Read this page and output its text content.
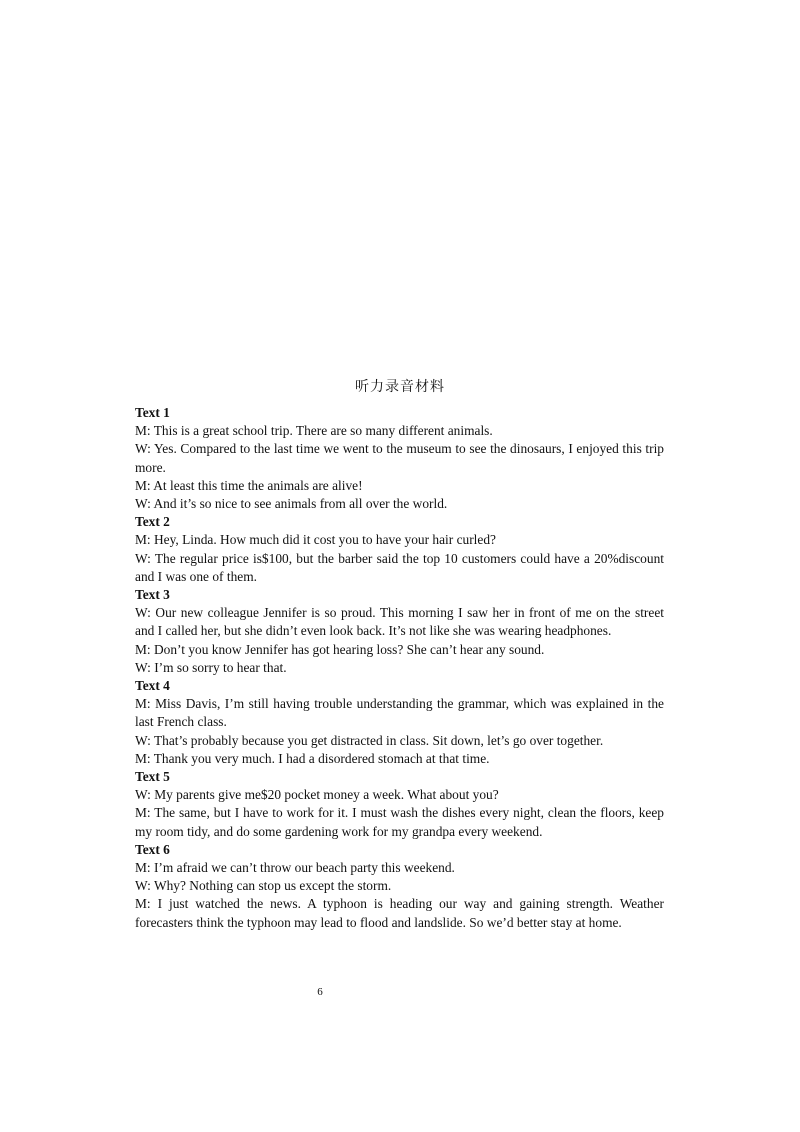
听力录音材料

Text 1

M: This is a great school trip. There are so many different animals.

W: Yes. Compared to the last time we went to the museum to see the dinosaurs, I enjoyed this trip more.

M: At least this time the animals are alive!

W: And it’s so nice to see animals from all over the world.

Text 2

M: Hey, Linda. How much did it cost you to have your hair curled?

W: The regular price is$100, but the barber said the top 10 customers could have a 20%discount and I was one of them.

Text 3

W: Our new colleague Jennifer is so proud. This morning I saw her in front of me on the street and I called her, but she didn’t even look back. It’s not like she was wearing headphones.

M: Don’t you know Jennifer has got hearing loss? She can’t hear any sound.

W: I’m so sorry to hear that.

Text 4

M: Miss Davis, I’m still having trouble understanding the grammar, which was explained in the last French class.

W: That’s probably because you get distracted in class. Sit down, let’s go over together.

M: Thank you very much. I had a disordered stomach at that time.

Text 5

W: My parents give me$20 pocket money a week. What about you?

M: The same, but I have to work for it. I must wash the dishes every night, clean the floors, keep my room tidy, and do some gardening work for my grandpa every weekend.

Text 6

M: I’m afraid we can’t throw our beach party this weekend.

W: Why? Nothing can stop us except the storm.

M: I just watched the news. A typhoon is heading our way and gaining strength. Weather forecasters think the typhoon may lead to flood and landslide. So we’d better stay at home.

6
